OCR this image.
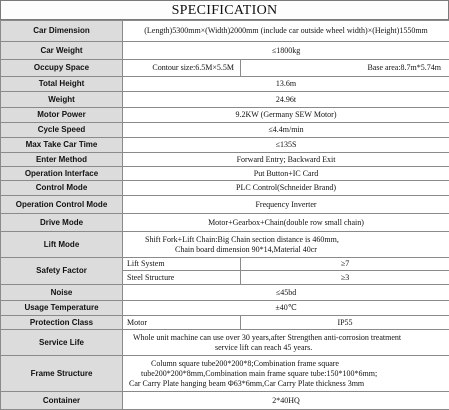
SPECIFICATION
Car Dimension	(Length)5300mm×(Width)2000mm (include car outside wheel width)×(Height)1550mm	
Car Weight	≤1800kg	
Occupy Space	Contour size:6.5M×5.5M	Base area:8.7m*5.74m
Total Height	13.6m	
Weight	24.96t	
Motor Power	9.2KW (Germany SEW Motor)	
Cycle Speed	≤4.4m/min	
Max Take Car Time	≤135S	
Enter Method	Forward Entry; Backward Exit	
Operation Interface	Put Button+IC Card	
Control Mode	PLC Control(Schneider Brand)	
Operation Control Mode	Frequency Inverter	
Drive Mode	Motor+Gearbox+Chain(double row small chain)	
Lift Mode	Shift Fork+Lift Chain:Big Chain section distance is 460mm,
Chain board dimension 90*14,Material 40cr	

Safety Factor	Lift System	≥7
	Steel Structure	≥3
Noise	≤45bd	
Usage Temperature	±40℃	
Protection Class	Motor	IP55
Service Life	Whole unit machine can use over 30 years,after Strengthen anti-corrosion treatment
service lift can reach 45 years.	

Frame Structure	Column square tube200*200*8;Combination frame square
tube200*200*8mm,Combination main frame square tube:150*100*6mm;
Car Carry Plate hanging beam Φ63*6mm,Car Carry Plate thickness 3mm	

Container	2*40HQ	
